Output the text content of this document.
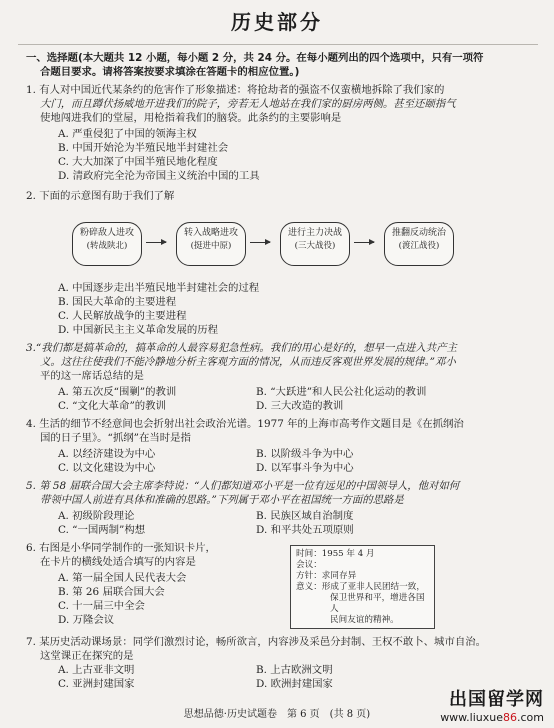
历史部分
一、选择题(本大题共 12 小题，每小题 2 分，共 24 分。在每小题列出的四个选项中，只有一项符
合题目要求。请将答案按要求填涂在答题卡的相应位置。)
1. 有人对中国近代某条约的危害作了形象描述：将抢劫者的强盗不仅蛮横地拆除了我们家的
大门，而且蹲伏扬威地开进我们的院子，旁若无人地站在我们家的厨房两侧。甚至还颐指气
使地闯进我们的堂屋，用枪指着我们的脑袋。此条约的主要影响是
A. 严重侵犯了中国的领海主权
B. 中国开始沦为半殖民地半封建社会
C. 大大加深了中国半殖民地化程度
D. 清政府完全沦为帝国主义统治中国的工具
2. 下面的示意图有助于我们了解
粉碎敌人进攻
(转战陕北)
转入战略进攻
(挺进中原)
进行主力决战
(三大战役)
推翻反动统治
(渡江战役)
A. 中国逐步走出半殖民地半封建社会的过程
B. 国民大革命的主要进程
C. 人民解放战争的主要进程
D. 中国新民主主义革命发展的历程
3.“我们都是搞革命的，搞革命的人最容易犯急性病。我们的用心是好的，想早一点进入共产主
义。这往往使我们不能冷静地分析主客观方面的情况，从而违反客观世界发展的规律。”邓小
平的这一席话总结的是
A. 第五次反“围剿”的教训	B. “大跃进”和人民公社化运动的教训
C. “文化大革命”的教训	D. 三大改造的教训
4. 生活的细节不经意间也会折射出社会政治光谱。1977 年的上海市高考作文题目是《在抓纲治
国的日子里》。“抓纲”在当时是指
A. 以经济建设为中心	B. 以阶级斗争为中心
C. 以文化建设为中心	D. 以军事斗争为中心
5. 第 58 届联合国大会主席李特说：“人们都知道邓小平是一位有远见的中国领导人，他对如何
带领中国人前进有具体和准确的思路。”下列属于邓小平在祖国统一方面的思路是
A. 初级阶段理论	B. 民族区域自治制度
C. “一国两制”构想	D. 和平共处五项原则
6. 右图是小华同学制作的一张知识卡片，
在卡片的横线处适合填写的内容是
A. 第一届全国人民代表大会
B. 第 26 届联合国大会
C. 十一届三中全会
D. 万隆会议
7. 某历史活动课场景：同学们激烈讨论，畅所欲言，内容涉及采邑分封制、王权不敢卜、城市自治。
这堂课正在探究的是
A. 上古亚非文明	B. 上古欧洲文明
C. 亚洲封建国家	D. 欧洲封建国家
时间：1955 年 4 月
会议：
方针：求同存异
意义：形成了亚非人民团结一致，
保卫世界和平，增进各国人
民间友谊的精神。
思想品德·历史试题卷　第 6 页　(共 8 页)
出国留学网
www.liuxue86.com
